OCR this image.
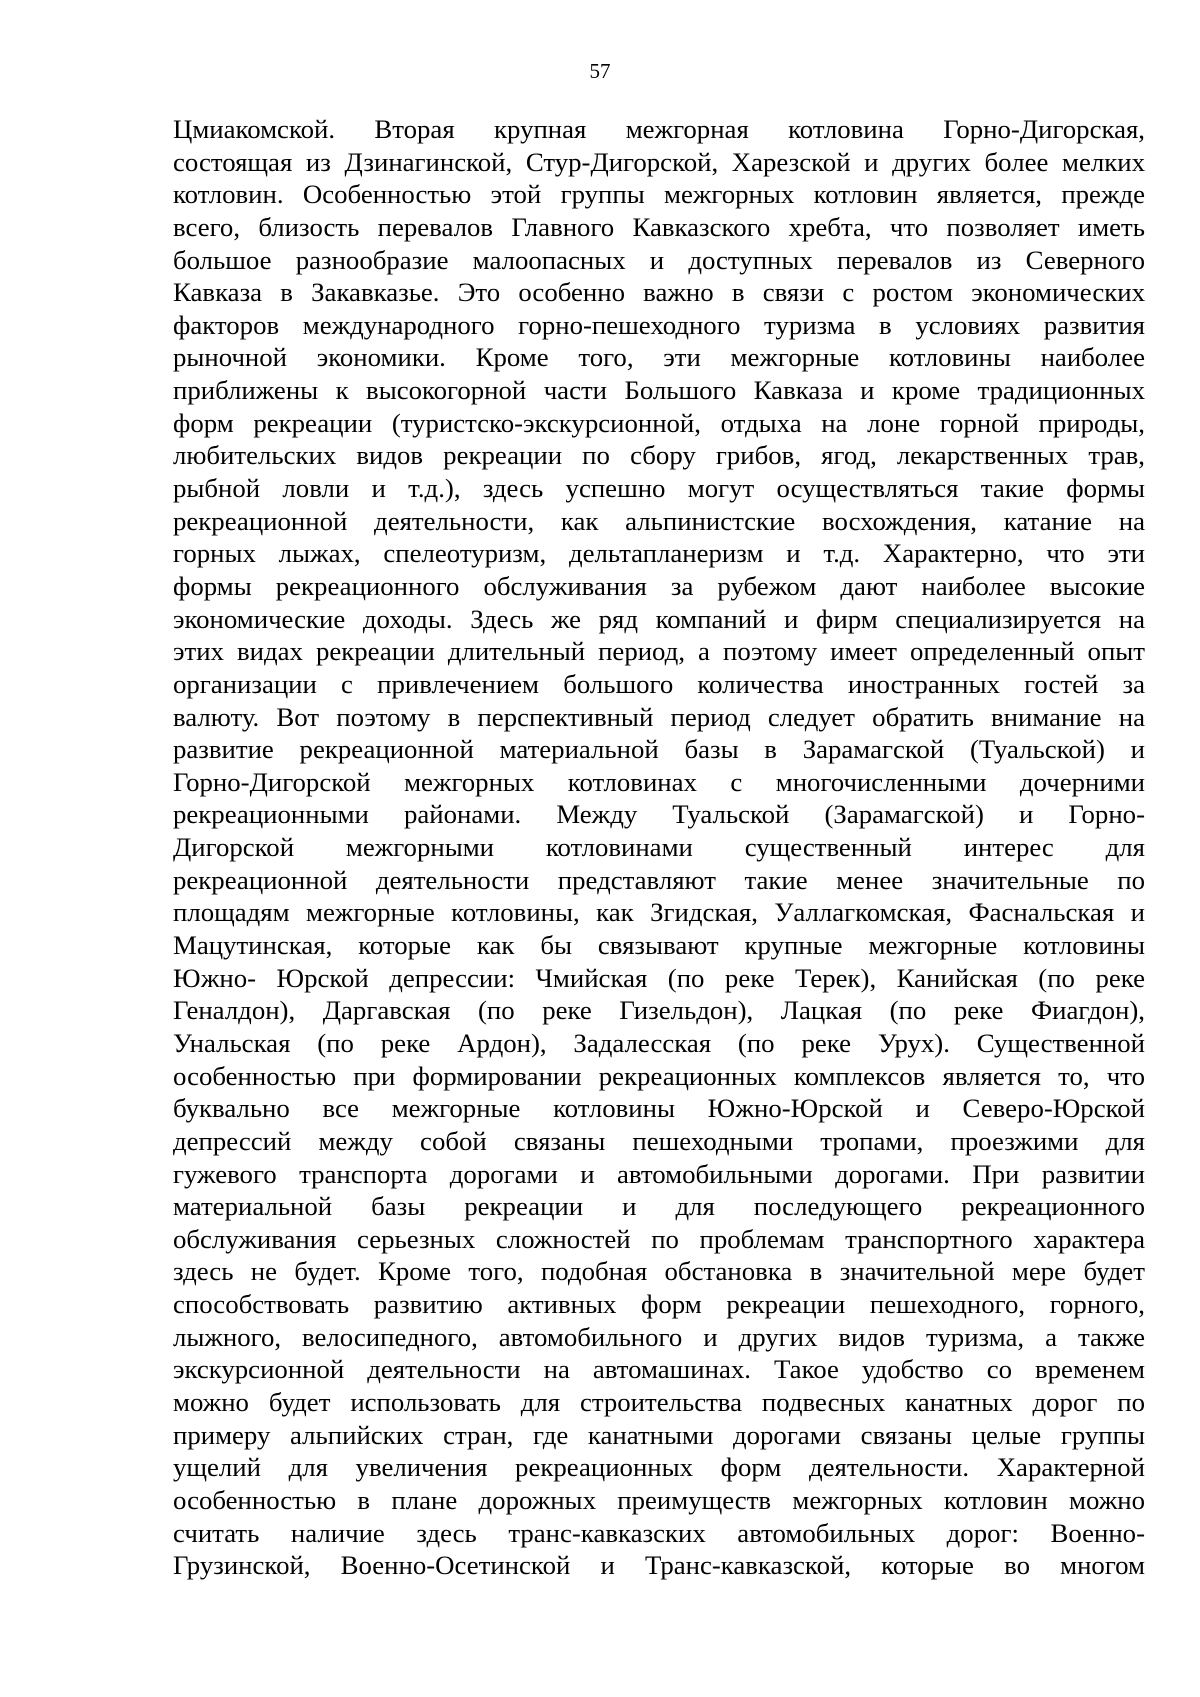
57
Цмиакомской. Вторая крупная межгорная котловина Горно-Дигорская,
состоящая из Дзинагинской, Стур-Дигорской, Харезской и других более мелких
котловин. Особенностью этой группы межгорных котловин является, прежде
всего, близость перевалов Главного Кавказского хребта, что позволяет иметь
большое разнообразие малоопасных и доступных перевалов из Северного
Кавказа в Закавказье. Это особенно важно в связи с ростом экономических
факторов международного горно-пешеходного туризма в условиях развития
рыночной экономики. Кроме того, эти межгорные котловины наиболее
приближены к высокогорной части Большого Кавказа и кроме традиционных
форм рекреации (туристско-экскурсионной, отдыха на лоне горной природы,
любительских видов рекреации по сбору грибов, ягод, лекарственных трав,
рыбной ловли и т.д.), здесь успешно могут осуществляться такие формы
рекреационной деятельности, как альпинистские восхождения, катание на
горных лыжах, спелеотуризм, дельтапланеризм и т.д. Характерно, что эти
формы рекреационного обслуживания за рубежом дают наиболее высокие
экономические доходы. Здесь же ряд компаний и фирм специализируется на
этих видах рекреации длительный период, а поэтому имеет определенный опыт
организации с привлечением большого количества иностранных гостей за
валюту. Вот поэтому в перспективный период следует обратить внимание на
развитие рекреационной материальной базы в Зарамагской (Туальской) и
Горно-Дигорской межгорных котловинах с многочисленными дочерними
рекреационными районами. Между Туальской (Зарамагской) и Горно-
Дигорской межгорными котловинами существенный интерес для
рекреационной деятельности представляют такие менее значительные по
площадям межгорные котловины, как Згидская, Уаллагкомская, Фаснальская и
Мацутинская, которые как бы связывают крупные межгорные котловины
Южно- Юрской депрессии: Чмийская (по реке Терек), Канийская (по реке
Геналдон), Даргавская (по реке Гизельдон), Лацкая (по реке Фиагдон),
Унальская (по реке Ардон), Задалесская (по реке Урух). Существенной
особенностью при формировании рекреационных комплексов является то, что
буквально все межгорные котловины Южно-Юрской и Северо-Юрской
депрессий между собой связаны пешеходными тропами, проезжими для
гужевого транспорта дорогами и автомобильными дорогами. При развитии
материальной базы рекреации и для последующего рекреационного
обслуживания серьезных сложностей по проблемам транспортного характера
здесь не будет. Кроме того, подобная обстановка в значительной мере будет
способствовать развитию активных форм рекреации пешеходного, горного,
лыжного, велосипедного, автомобильного и других видов туризма, а также
экскурсионной деятельности на автомашинах. Такое удобство со временем
можно будет использовать для строительства подвесных канатных дорог по
примеру альпийских стран, где канатными дорогами связаны целые группы
ущелий для увеличения рекреационных форм деятельности. Характерной
особенностью в плане дорожных преимуществ межгорных котловин можно
считать наличие здесь транс-кавказских автомобильных дорог: Военно-
Грузинской, Военно-Осетинской и Транс-кавказской, которые во многом
